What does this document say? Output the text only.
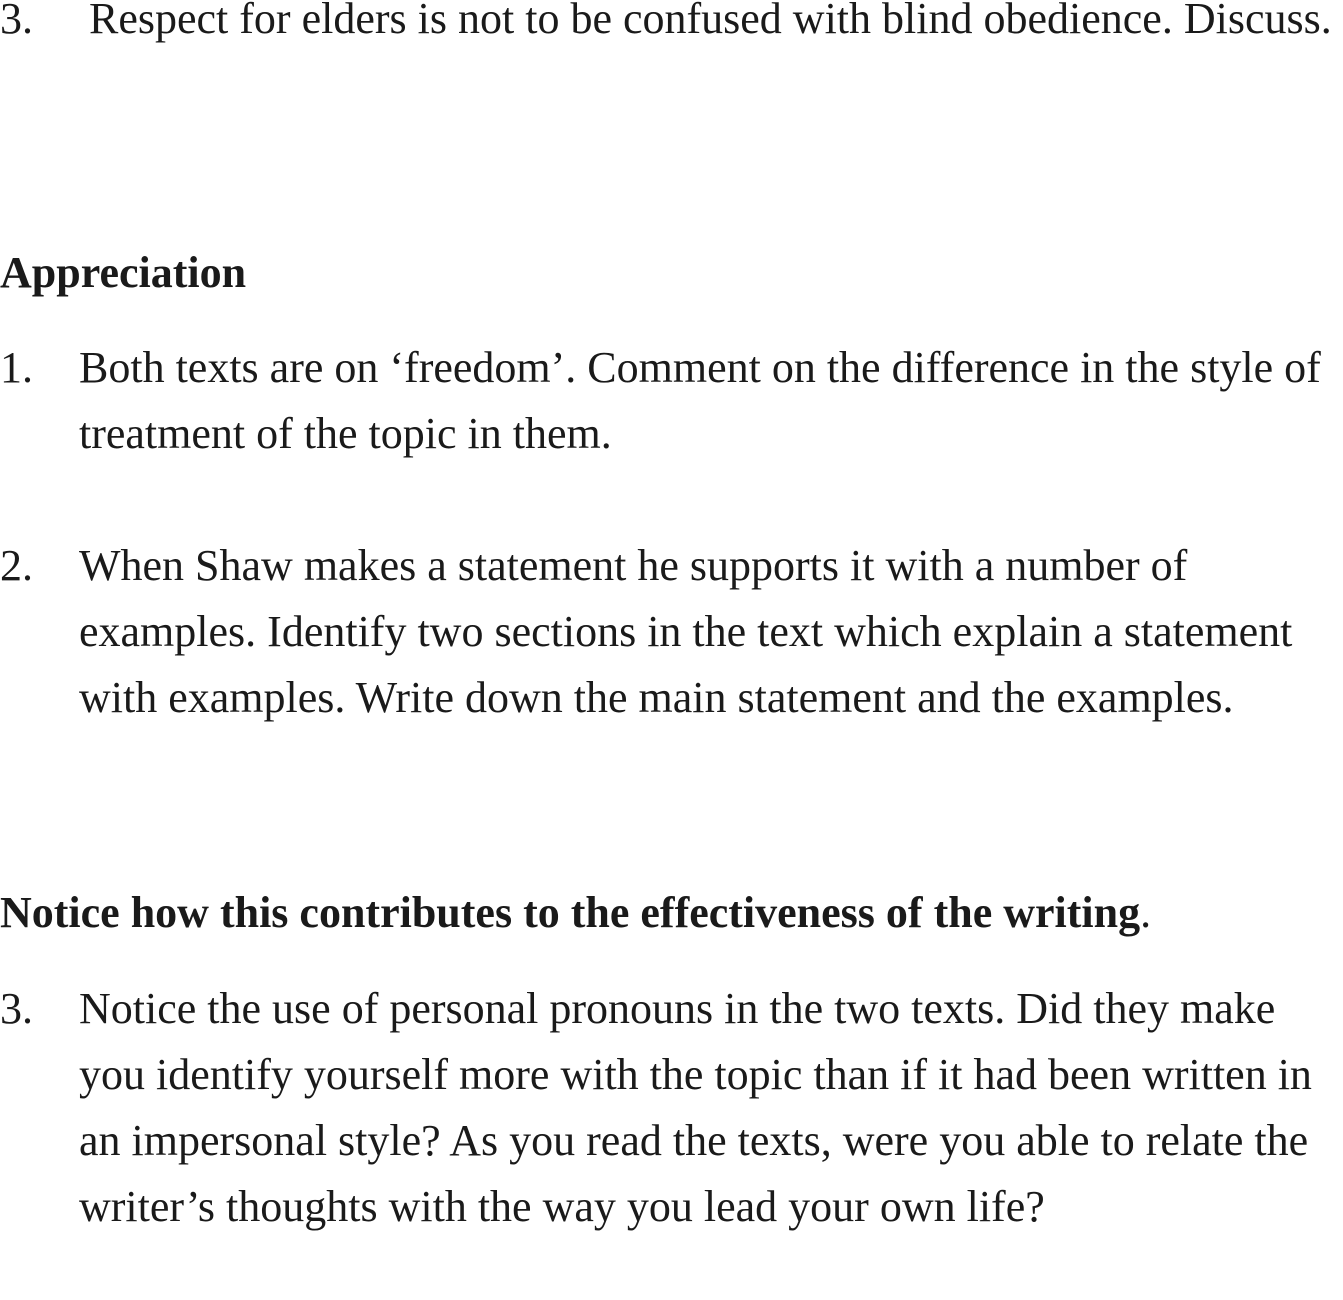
3.	Respect for elders is not to be confused with blind obedience. Discuss.
Appreciation
1.	Both texts are on ‘freedom’. Comment on the difference in the style of treatment of the topic in them.
2.	When Shaw makes a statement he supports it with a number of examples. Identify two sections in the text which explain a statement with examples. Write down the main statement and the examples.
Notice how this contributes to the effectiveness of the writing.
3.	Notice the use of personal pronouns in the two texts. Did they make you identify yourself more with the topic than if it had been written in an impersonal style? As you read the texts, were you able to relate the writer’s thoughts with the way you lead your own life?
